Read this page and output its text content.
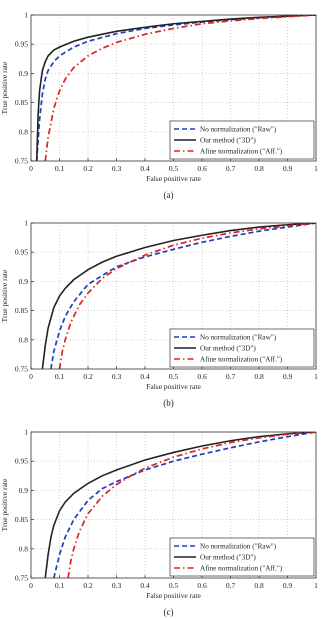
0	0.1	0.2	0.3	0.4	0.5	0.6	0.7	0.8	0.9	1
0.75
0.8
0.85
0.9
0.95
1
False positive rate
True positive rate
No normalization ("Raw")
Our method ("3D")
Afine normalization ("Aff.")
(a)
0	0.1	0.2	0.3	0.4	0.5	0.6	0.7	0.8	0.9	1
0.75
0.8
0.85
0.9
0.95
1
False positive rate
True positive rate
No normalization ("Raw")
Our method ("3D")
Afine normalization ("Aff.")
(b)
0	0.1	0.2	0.3	0.4	0.5	0.6	0.7	0.8	0.9	1
0.75
0.8
0.85
0.9
0.95
1
False positive rate
True positive rate
No normalization ("Raw")
Our method ("3D")
Afine normalization ("Aff.")
(c)
